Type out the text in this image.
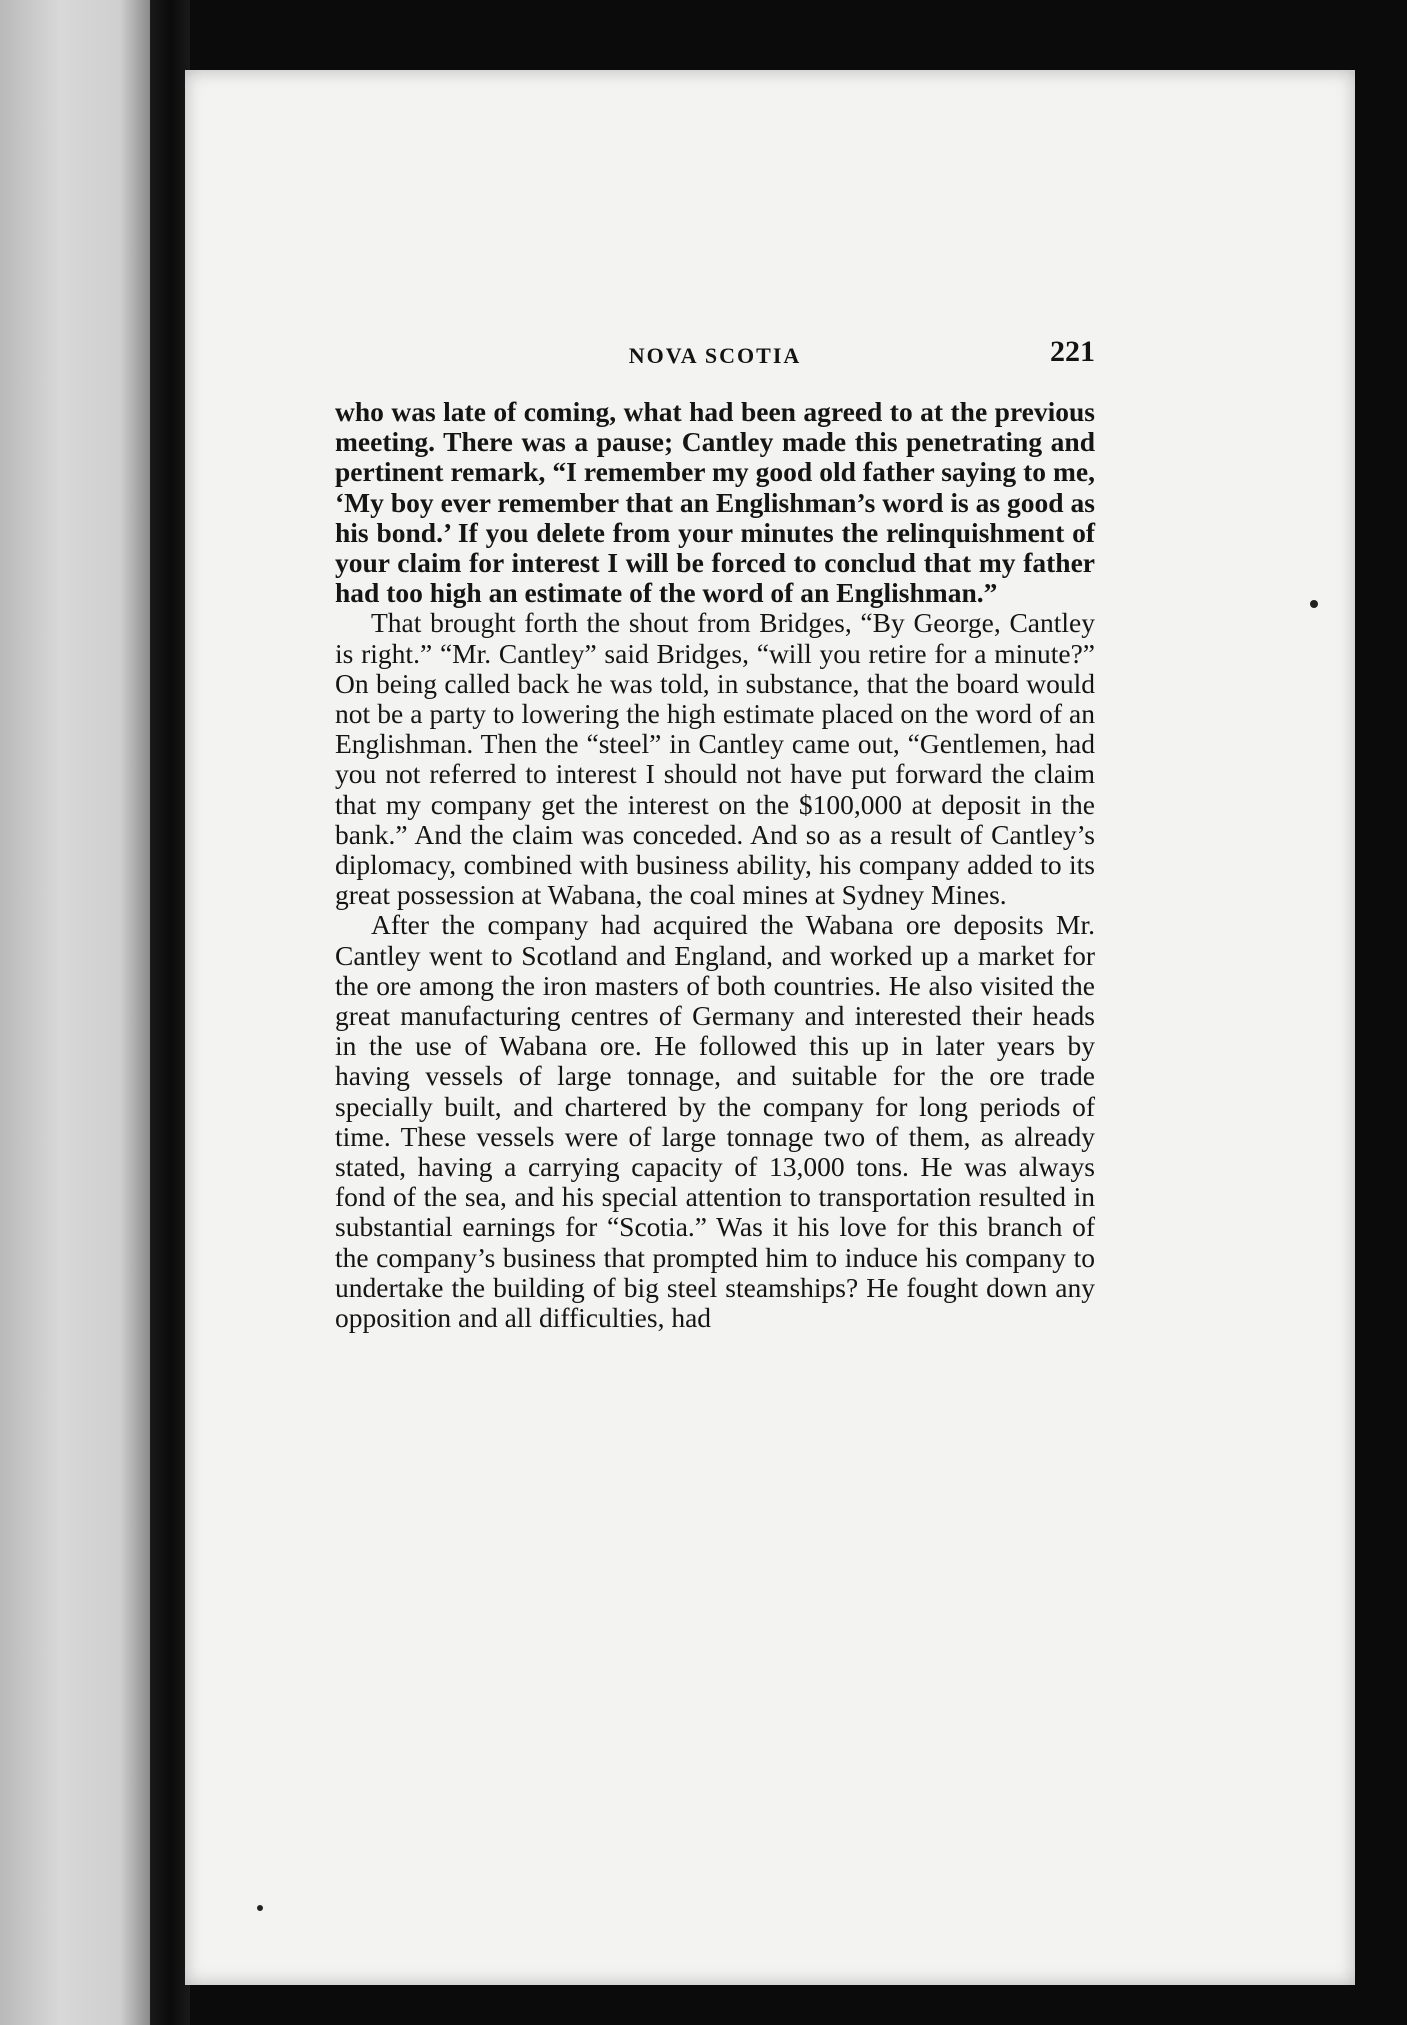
NOVA SCOTIA	221

who was late of coming, what had been agreed to at the previous meeting. There was a pause; Cantley made this penetrating and pertinent remark, “I remember my good old father saying to me, ‘My boy ever remember that an Englishman’s word is as good as his bond.’ If you delete from your minutes the relinquishment of your claim for interest I will be forced to conclud that my father had too high an estimate of the word of an Englishman.”

That brought forth the shout from Bridges, “By George, Cantley is right.” “Mr. Cantley” said Bridges, “will you retire for a minute?” On being called back he was told, in substance, that the board would not be a party to lowering the high estimate placed on the word of an Englishman. Then the “steel” in Cantley came out, “Gentlemen, had you not referred to interest I should not have put forward the claim that my company get the interest on the $100,000 at deposit in the bank.” And the claim was conceded. And so as a result of Cantley’s diplomacy, combined with business ability, his company added to its great possession at Wabana, the coal mines at Sydney Mines.

After the company had acquired the Wabana ore deposits Mr. Cantley went to Scotland and England, and worked up a market for the ore among the iron masters of both countries. He also visited the great manufacturing centres of Germany and interested their heads in the use of Wabana ore. He followed this up in later years by having vessels of large tonnage, and suitable for the ore trade specially built, and chartered by the company for long periods of time. These vessels were of large tonnage two of them, as already stated, having a carrying capacity of 13,000 tons. He was always fond of the sea, and his special attention to transportation resulted in substantial earnings for “Scotia.” Was it his love for this branch of the company’s business that prompted him to induce his company to undertake the building of big steel steamships? He fought down any opposition and all difficulties, had
